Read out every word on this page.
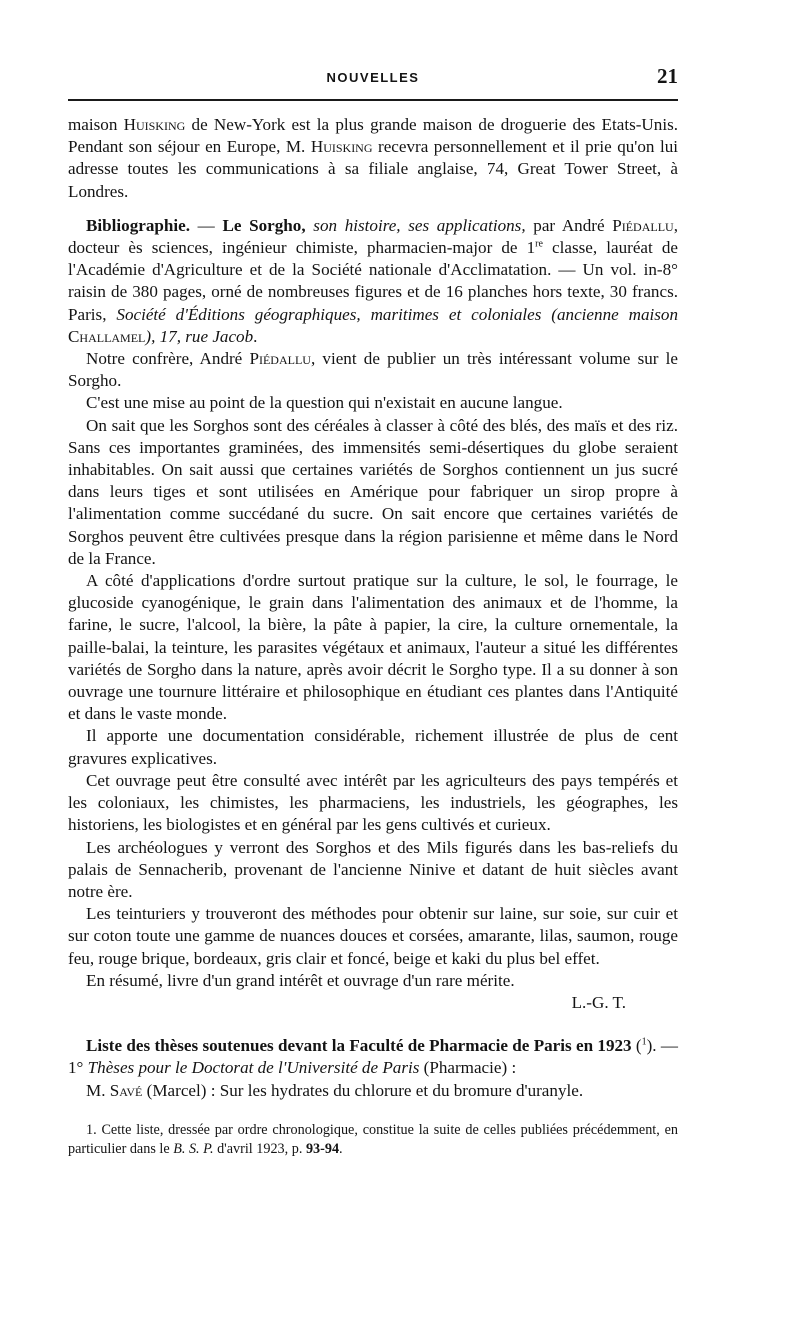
NOUVELLES	21

maison Huisking de New-York est la plus grande maison de droguerie des Etats-Unis. Pendant son séjour en Europe, M. Huisking recevra personnellement et il prie qu'on lui adresse toutes les communications à sa filiale anglaise, 74, Great Tower Street, à Londres.

Bibliographie. — Le Sorgho, son histoire, ses applications, par André Piédallu, docteur ès sciences, ingénieur chimiste, pharmacien-major de 1re classe, lauréat de l'Académie d'Agriculture et de la Société nationale d'Acclimatation. — Un vol. in-8° raisin de 380 pages, orné de nombreuses figures et de 16 planches hors texte, 30 francs. Paris, Société d'Éditions géographiques, maritimes et coloniales (ancienne maison Challamel), 17, rue Jacob.

Notre confrère, André Piédallu, vient de publier un très intéressant volume sur le Sorgho.

C'est une mise au point de la question qui n'existait en aucune langue.

On sait que les Sorghos sont des céréales à classer à côté des blés, des maïs et des riz. Sans ces importantes graminées, des immensités semi-désertiques du globe seraient inhabitables. On sait aussi que certaines variétés de Sorghos contiennent un jus sucré dans leurs tiges et sont utilisées en Amérique pour fabriquer un sirop propre à l'alimentation comme succédané du sucre. On sait encore que certaines variétés de Sorghos peuvent être cultivées presque dans la région parisienne et même dans le Nord de la France.

A côté d'applications d'ordre surtout pratique sur la culture, le sol, le fourrage, le glucoside cyanogénique, le grain dans l'alimentation des animaux et de l'homme, la farine, le sucre, l'alcool, la bière, la pâte à papier, la cire, la culture ornementale, la paille-balai, la teinture, les parasites végétaux et animaux, l'auteur a situé les différentes variétés de Sorgho dans la nature, après avoir décrit le Sorgho type. Il a su donner à son ouvrage une tournure littéraire et philosophique en étudiant ces plantes dans l'Antiquité et dans le vaste monde.

Il apporte une documentation considérable, richement illustrée de plus de cent gravures explicatives.

Cet ouvrage peut être consulté avec intérêt par les agriculteurs des pays tempérés et les coloniaux, les chimistes, les pharmaciens, les industriels, les géographes, les historiens, les biologistes et en général par les gens cultivés et curieux.

Les archéologues y verront des Sorghos et des Mils figurés dans les bas-reliefs du palais de Sennacherib, provenant de l'ancienne Ninive et datant de huit siècles avant notre ère.

Les teinturiers y trouveront des méthodes pour obtenir sur laine, sur soie, sur cuir et sur coton toute une gamme de nuances douces et corsées, amarante, lilas, saumon, rouge feu, rouge brique, bordeaux, gris clair et foncé, beige et kaki du plus bel effet.

En résumé, livre d'un grand intérêt et ouvrage d'un rare mérite.

L.-G. T.

Liste des thèses soutenues devant la Faculté de Pharmacie de Paris en 1923 ($^1$). — 1° Thèses pour le Doctorat de l'Université de Paris (Pharmacie) :

M. Savé (Marcel) : Sur les hydrates du chlorure et du bromure d'uranyle.

1. Cette liste, dressée par ordre chronologique, constitue la suite de celles publiées précédemment, en particulier dans le B. S. P. d'avril 1923, p. 93-94.
